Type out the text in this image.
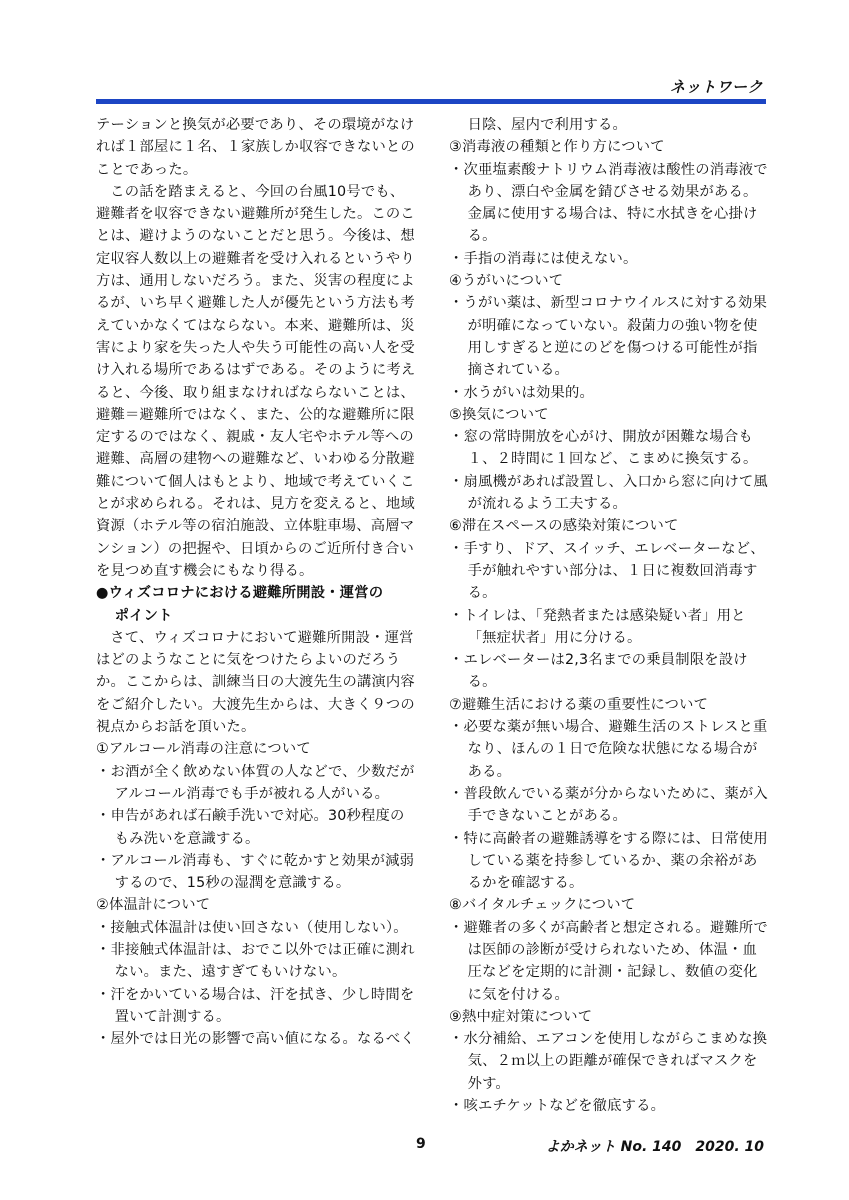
ネットワーク

テーションと換気が必要であり、その環境がなければ１部屋に１名、１家族しか収容できないとのことであった。

この話を踏まえると、今回の台風10号でも、避難者を収容できない避難所が発生した。このことは、避けようのないことだと思う。今後は、想定収容人数以上の避難者を受け入れるというやり方は、通用しないだろう。また、災害の程度によるが、いち早く避難した人が優先という方法も考えていかなくてはならない。本来、避難所は、災害により家を失った人や失う可能性の高い人を受け入れる場所であるはずである。そのように考えると、今後、取り組まなければならないことは、避難＝避難所ではなく、また、公的な避難所に限定するのではなく、親戚・友人宅やホテル等への避難、高層の建物への避難など、いわゆる分散避難について個人はもとより、地域で考えていくことが求められる。それは、見方を変えると、地域資源（ホテル等の宿泊施設、立体駐車場、高層マンション）の把握や、日頃からのご近所付き合いを見つめ直す機会にもなり得る。

●ウィズコロナにおける避難所開設・運営の

ポイント

さて、ウィズコロナにおいて避難所開設・運営はどのようなことに気をつけたらよいのだろうか。ここからは、訓練当日の大渡先生の講演内容をご紹介したい。大渡先生からは、大きく９つの視点からお話を頂いた。

①アルコール消毒の注意について

・お酒が全く飲めない体質の人などで、少数だがアルコール消毒でも手が被れる人がいる。

・申告があれば石鹸手洗いで対応。30秒程度のもみ洗いを意識する。

・アルコール消毒も、すぐに乾かすと効果が減弱するので、15秒の湿潤を意識する。

②体温計について

・接触式体温計は使い回さない（使用しない）。

・非接触式体温計は、おでこ以外では正確に測れない。また、遠すぎてもいけない。

・汗をかいている場合は、汗を拭き、少し時間を置いて計測する。

・屋外では日光の影響で高い値になる。なるべく

日陰、屋内で利用する。

③消毒液の種類と作り方について

・次亜塩素酸ナトリウム消毒液は酸性の消毒液であり、漂白や金属を錆びさせる効果がある。金属に使用する場合は、特に水拭きを心掛ける。

・手指の消毒には使えない。

④うがいについて

・うがい薬は、新型コロナウイルスに対する効果が明確になっていない。殺菌力の強い物を使用しすぎると逆にのどを傷つける可能性が指摘されている。

・水うがいは効果的。

⑤換気について

・窓の常時開放を心がけ、開放が困難な場合も１、２時間に１回など、こまめに換気する。

・扇風機があれば設置し、入口から窓に向けて風が流れるよう工夫する。

⑥滞在スペースの感染対策について

・手すり、ドア、スイッチ、エレベーターなど、手が触れやすい部分は、１日に複数回消毒する。

・トイレは、「発熱者または感染疑い者」用と「無症状者」用に分ける。

・エレベーターは2,3名までの乗員制限を設ける。

⑦避難生活における薬の重要性について

・必要な薬が無い場合、避難生活のストレスと重なり、ほんの１日で危険な状態になる場合がある。

・普段飲んでいる薬が分からないために、薬が入手できないことがある。

・特に高齢者の避難誘導をする際には、日常使用している薬を持参しているか、薬の余裕があるかを確認する。

⑧バイタルチェックについて

・避難者の多くが高齢者と想定される。避難所では医師の診断が受けられないため、体温・血圧などを定期的に計測・記録し、数値の変化に気を付ける。

⑨熱中症対策について

・水分補給、エアコンを使用しながらこまめな換気、２ｍ以上の距離が確保できればマスクを外す。

・咳エチケットなどを徹底する。

9	よかネット No. 140　2020. 10
